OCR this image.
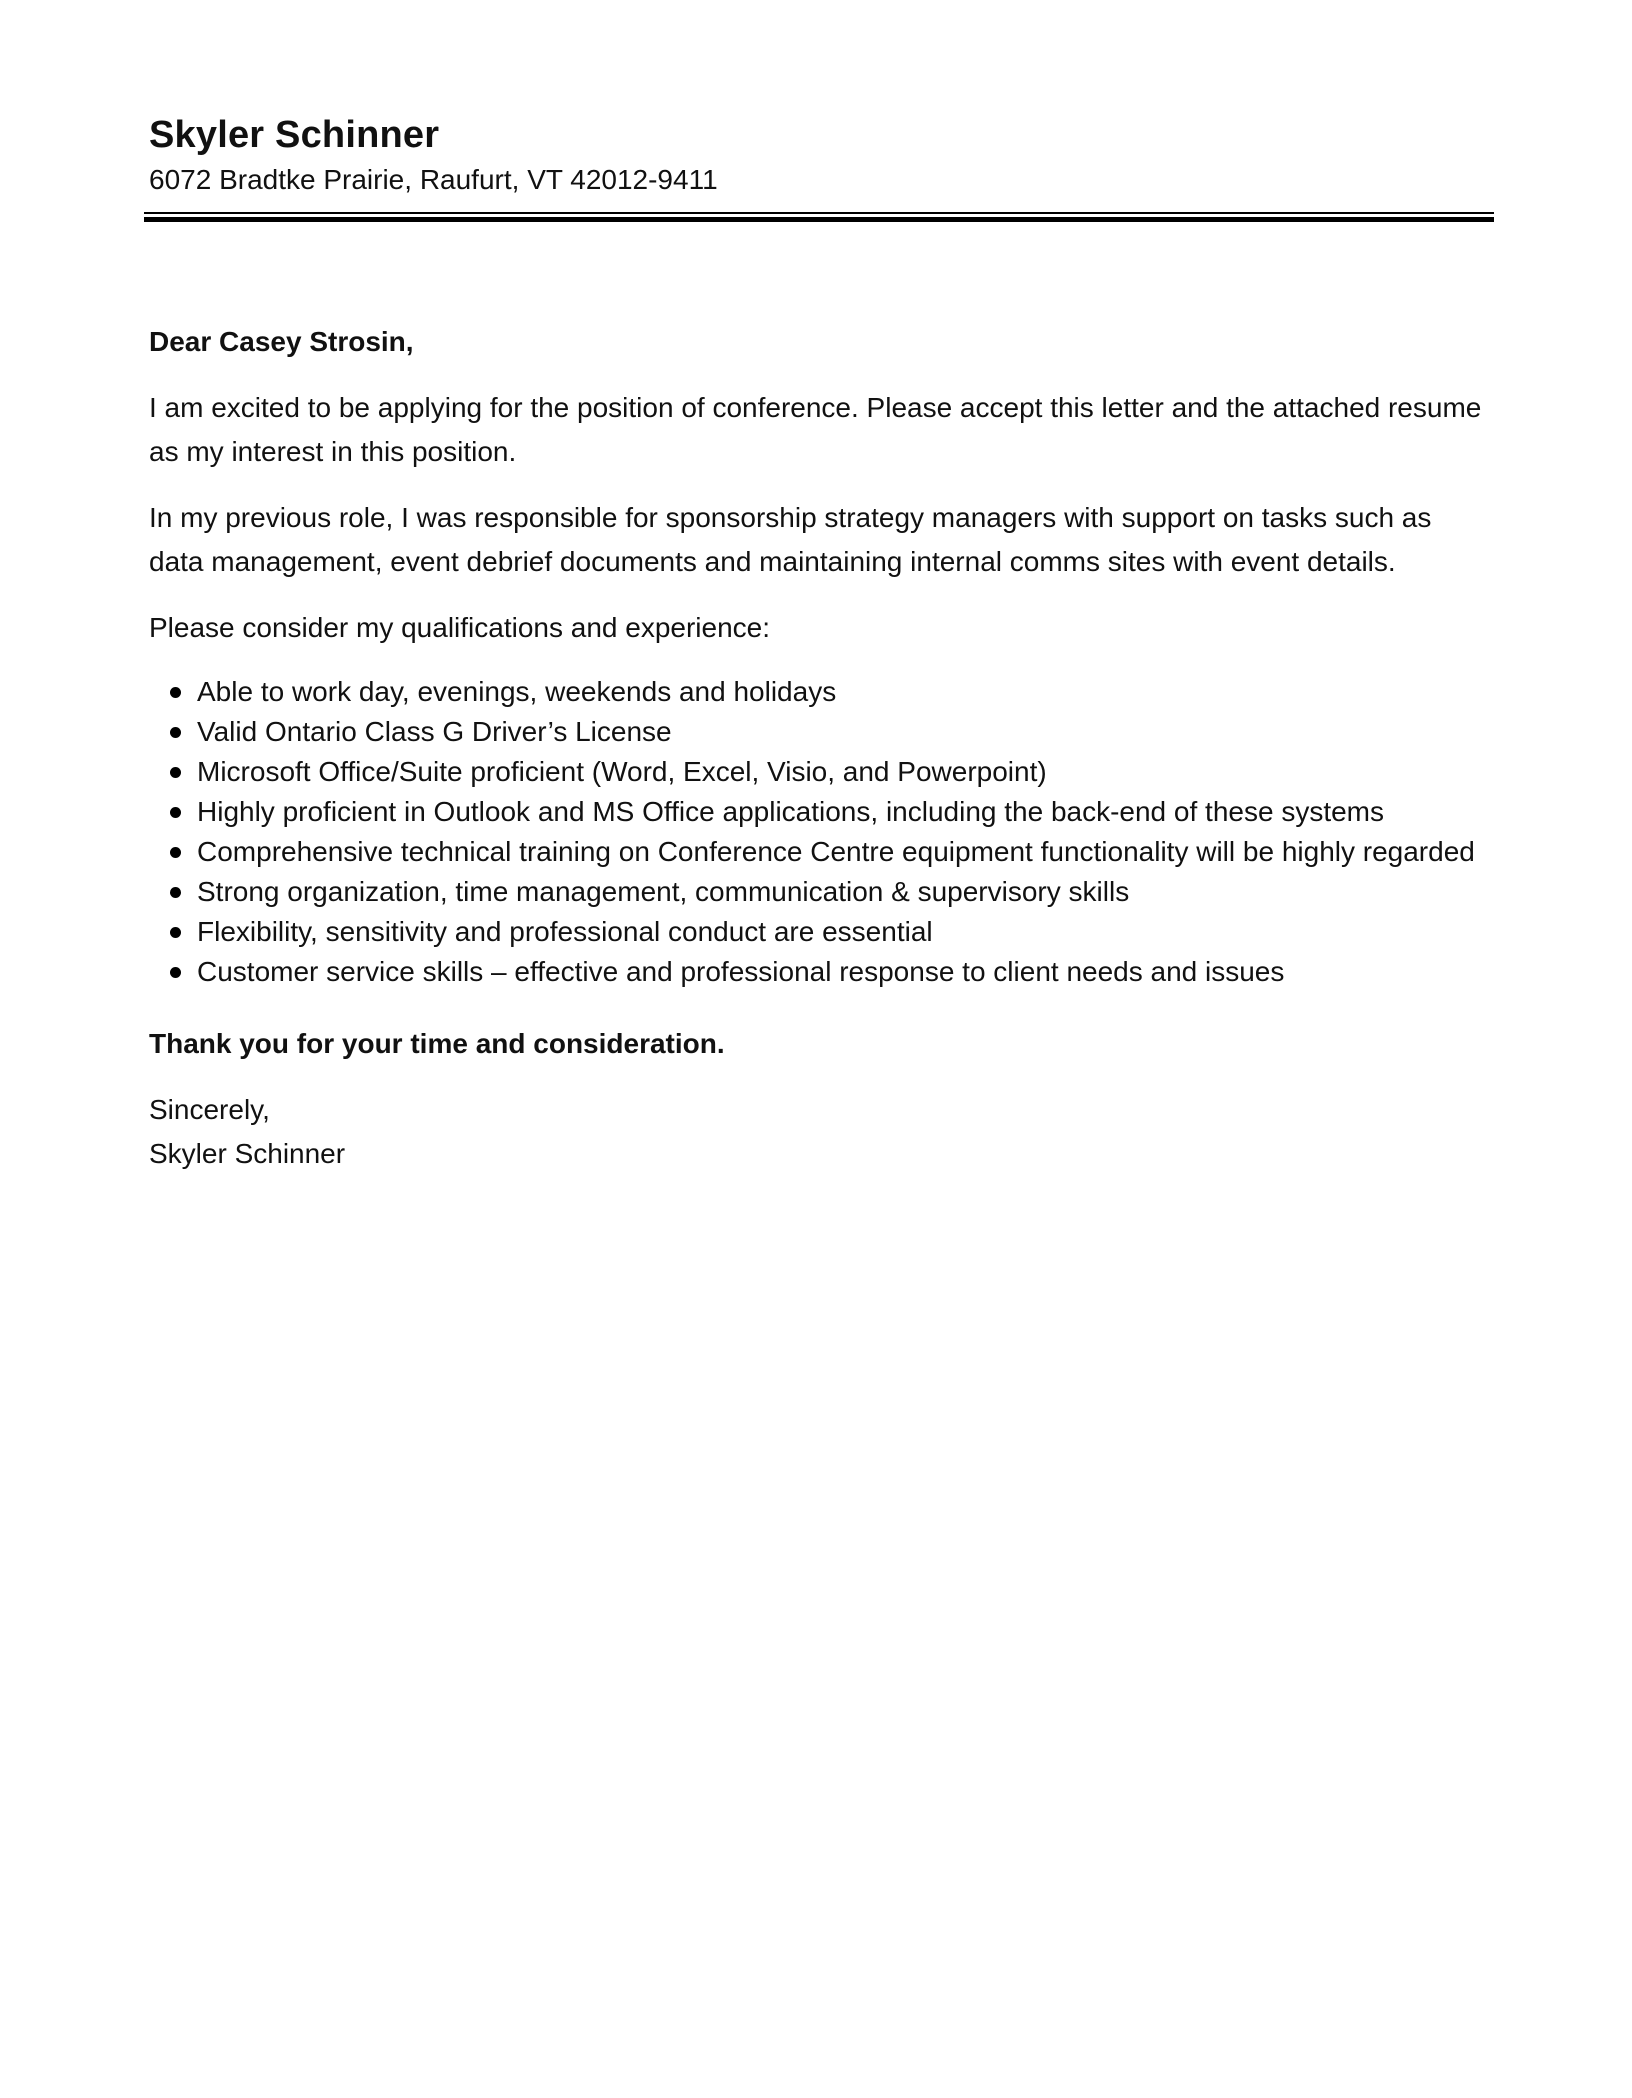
Skyler Schinner

6072 Bradtke Prairie, Raufurt, VT 42012-9411

Dear Casey Strosin,

I am excited to be applying for the position of conference. Please accept this letter and the attached resume as my interest in this position.

In my previous role, I was responsible for sponsorship strategy managers with support on tasks such as data management, event debrief documents and maintaining internal comms sites with event details.

Please consider my qualifications and experience:

Able to work day, evenings, weekends and holidays
Valid Ontario Class G Driver’s License
Microsoft Office/Suite proficient (Word, Excel, Visio, and Powerpoint)
Highly proficient in Outlook and MS Office applications, including the back-end of these systems
Comprehensive technical training on Conference Centre equipment functionality will be highly regarded
Strong organization, time management, communication & supervisory skills
Flexibility, sensitivity and professional conduct are essential
Customer service skills – effective and professional response to client needs and issues

Thank you for your time and consideration.

Sincerely,

Skyler Schinner
